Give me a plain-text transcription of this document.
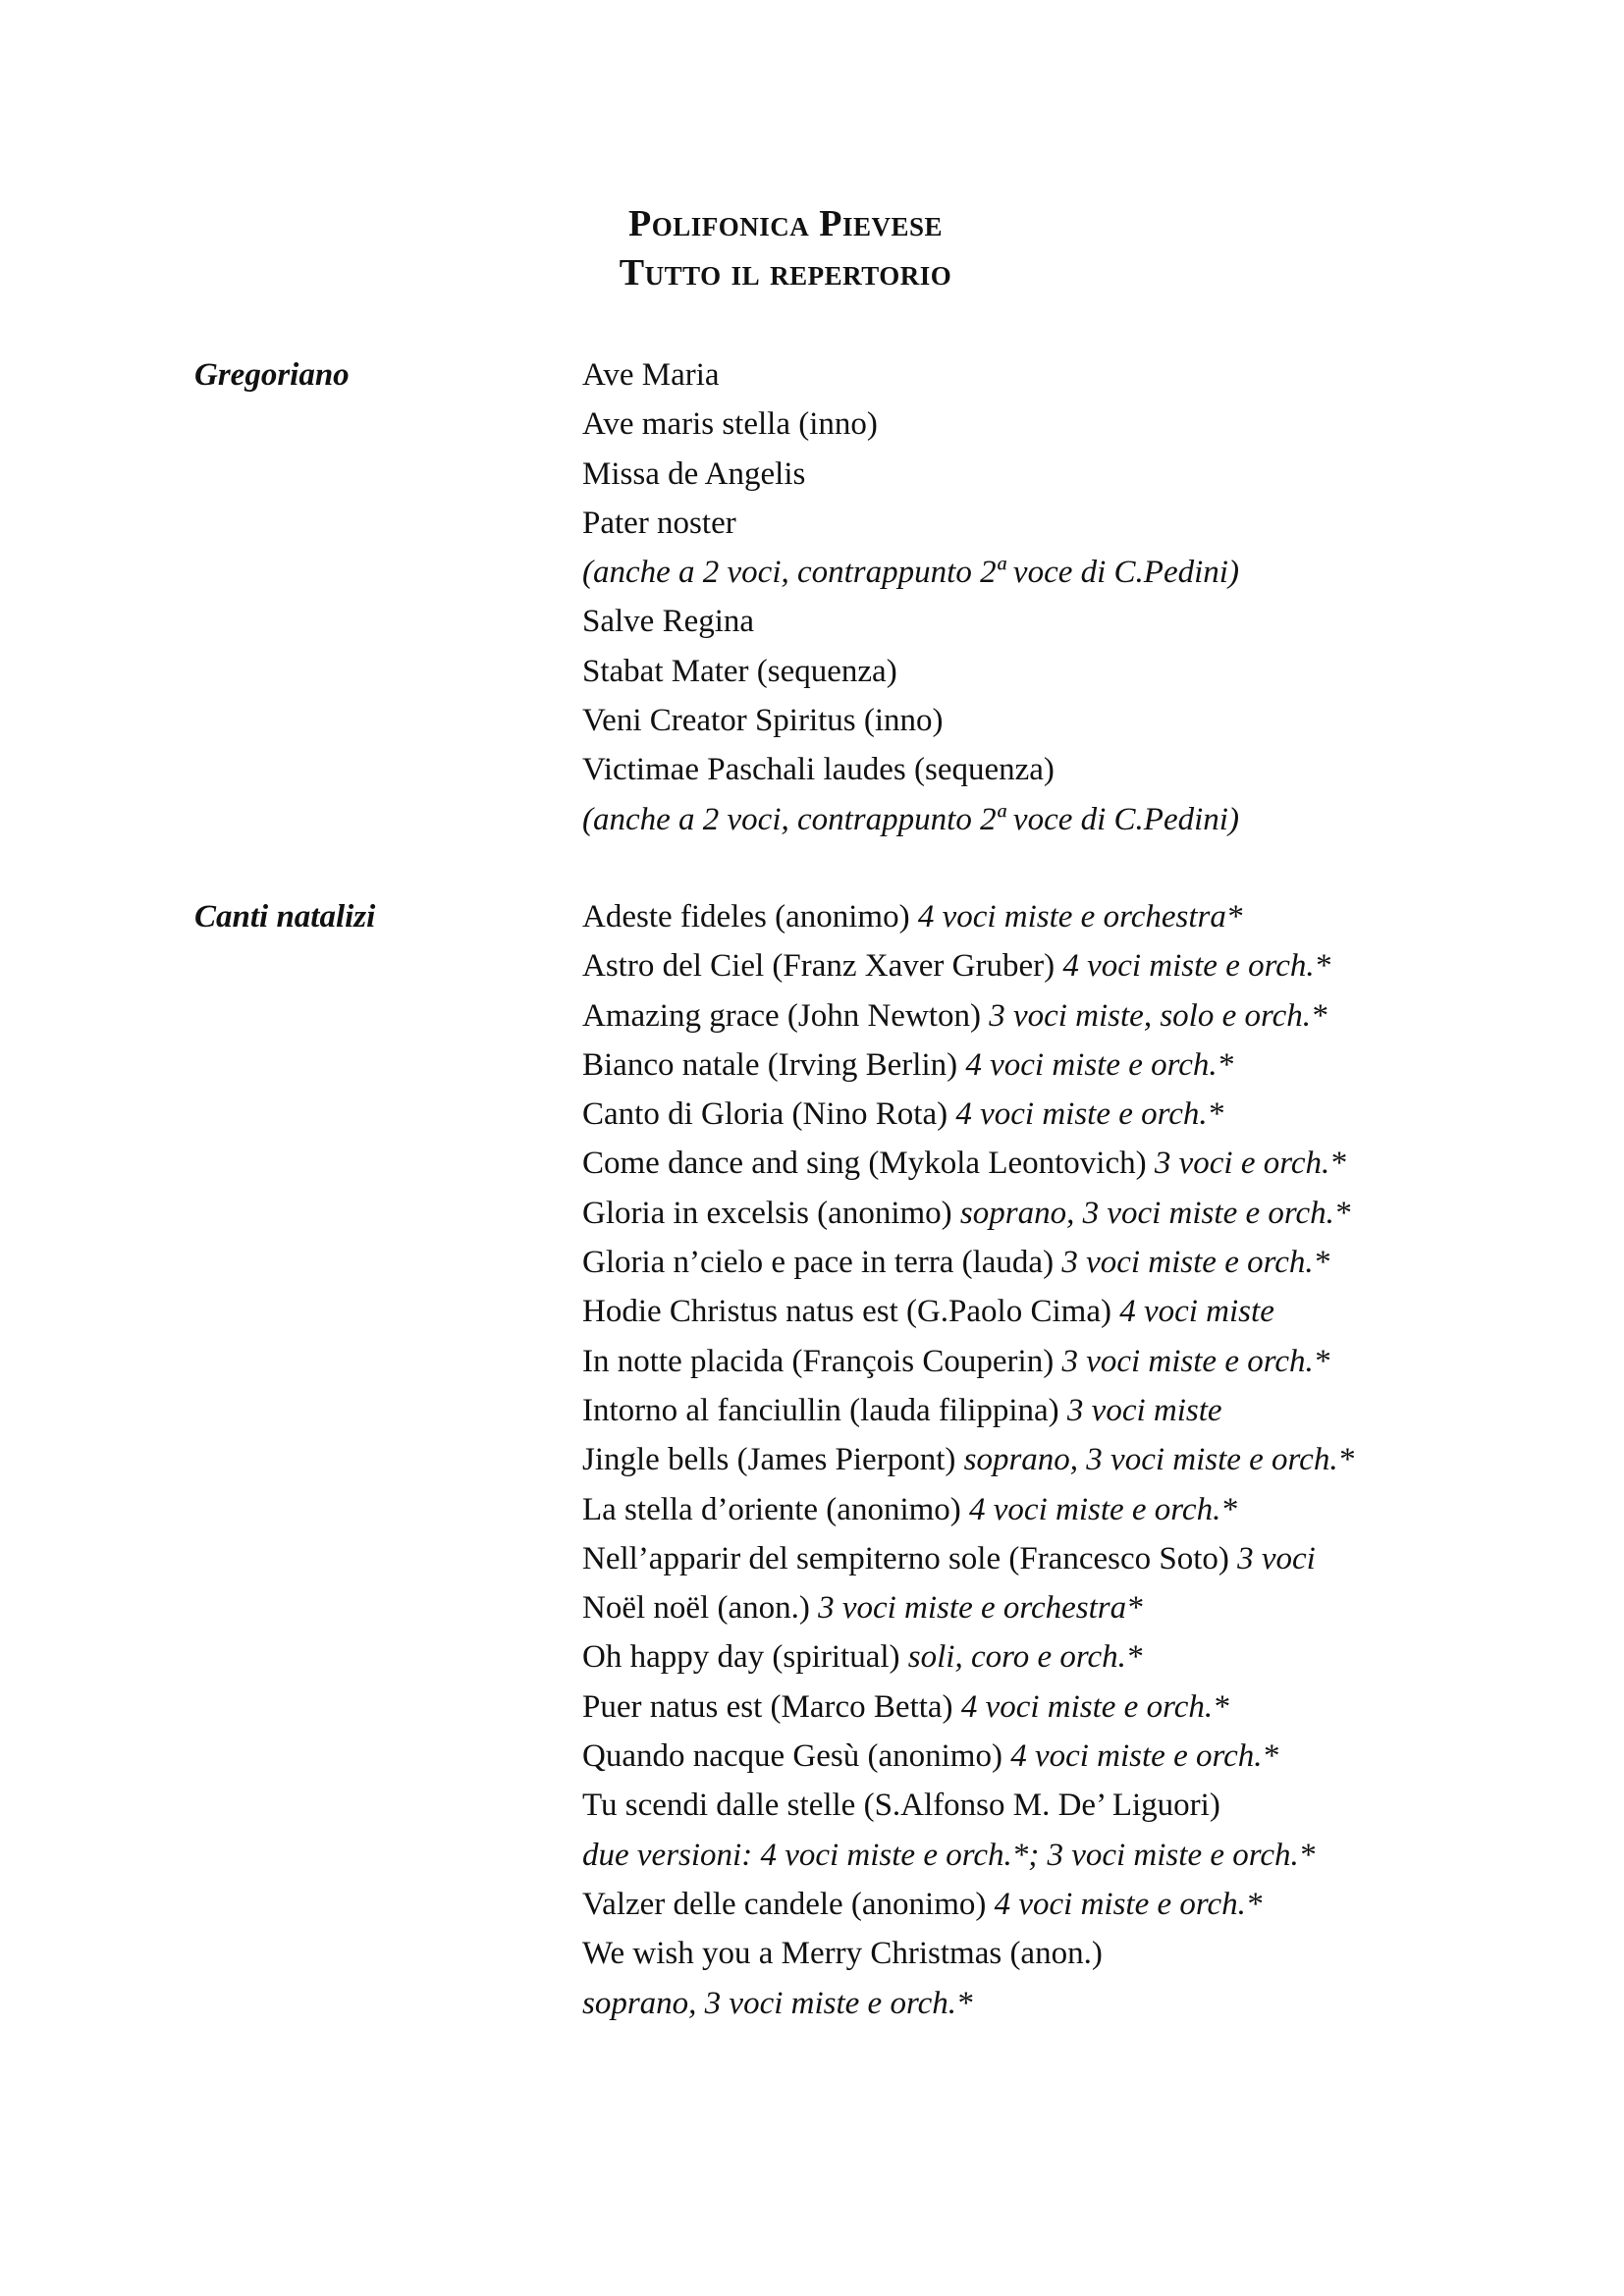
Polifonica Pievese
Tutto il repertorio
Gregoriano	Ave Maria
Ave maris stella (inno)
Missa de Angelis
Pater noster
(anche a 2 voci, contrappunto 2ª voce di C.Pedini)
Salve Regina
Stabat Mater (sequenza)
Veni Creator Spiritus (inno)
Victimae Paschali laudes (sequenza)
(anche a 2 voci, contrappunto 2ª voce di C.Pedini)
Canti natalizi	Adeste fideles (anonimo) 4 voci miste e orchestra*
Astro del Ciel (Franz Xaver Gruber) 4 voci miste e orch.*
Amazing grace (John Newton) 3 voci miste, solo e orch.*
Bianco natale (Irving Berlin) 4 voci miste e orch.*
Canto di Gloria (Nino Rota) 4 voci miste e orch.*
Come dance and sing (Mykola Leontovich) 3 voci e orch.*
Gloria in excelsis (anonimo) soprano, 3 voci miste e orch.*
Gloria n’cielo e pace in terra (lauda) 3 voci miste e orch.*
Hodie Christus natus est (G.Paolo Cima) 4 voci miste
In notte placida (François Couperin) 3 voci miste e orch.*
Intorno al fanciullin (lauda filippina) 3 voci miste
Jingle bells (James Pierpont) soprano, 3 voci miste e orch.*
La stella d’oriente (anonimo) 4 voci miste e orch.*
Nell’apparir del sempiterno sole (Francesco Soto) 3 voci
Noël noël (anon.) 3 voci miste e orchestra*
Oh happy day (spiritual) soli, coro e orch.*
Puer natus est (Marco Betta) 4 voci miste e orch.*
Quando nacque Gesù (anonimo) 4 voci miste e orch.*
Tu scendi dalle stelle (S.Alfonso M. De’ Liguori)
due versioni: 4 voci miste e orch.*; 3 voci miste e orch.*
Valzer delle candele (anonimo) 4 voci miste e orch.*
We wish you a Merry Christmas (anon.)
soprano, 3 voci miste e orch.*
